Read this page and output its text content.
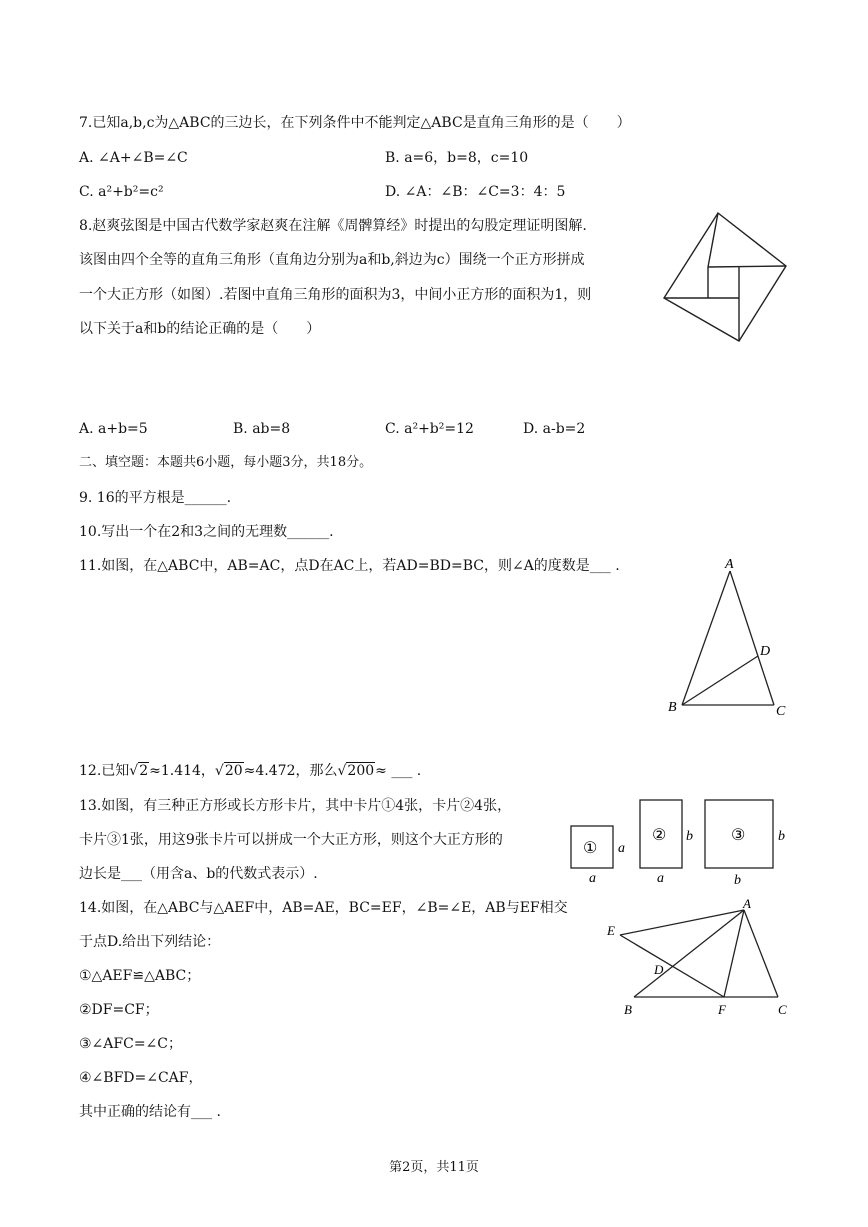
7.已知a,b,c为△ABC的三边长，在下列条件中不能判定△ABC是直角三角形的是（　　）
A. ∠A+∠B=∠C	B. a=6，b=8，c=10
C. a²+b²=c²	D. ∠A：∠B：∠C=3：4：5
8.赵爽弦图是中国古代数学家赵爽在注解《周髀算经》时提出的勾股定理证明图解.
该图由四个全等的直角三角形（直角边分别为a和b,斜边为c）围绕一个正方形拼成
一个大正方形（如图）.若图中直角三角形的面积为3，中间小正方形的面积为1，则
以下关于a和b的结论正确的是（　　）
A. a+b=5	B. ab=8	C. a²+b²=12	D. a-b=2
二、填空题：本题共6小题，每小题3分，共18分。
9. 16的平方根是______.
10.写出一个在2和3之间的无理数______.
11.如图，在△ABC中，AB=AC，点D在AC上，若AD=BD=BC，则∠A的度数是___ .	A
B	C
D
12.已知√2≈1.414，√20≈4.472，那么√200≈ ___ .
13.如图，有三种正方形或长方形卡片，其中卡片①4张，卡片②4张，
卡片③1张，用这9张卡片可以拼成一个大正方形，则这个大正方形的
边长是___（用含a、b的代数式表示）.
①
②	③
a
a
b
a
b
b
14.如图，在△ABC与△AEF中，AB=AE，BC=EF，∠B=∠E，AB与EF相交
于点D.给出下列结论：
①△AEF≌△ABC；
②DF=CF；
③∠AFC=∠C；
④∠BFD=∠CAF，
其中正确的结论有___ .
A
B	C
D
E
F
第2页，共11页
